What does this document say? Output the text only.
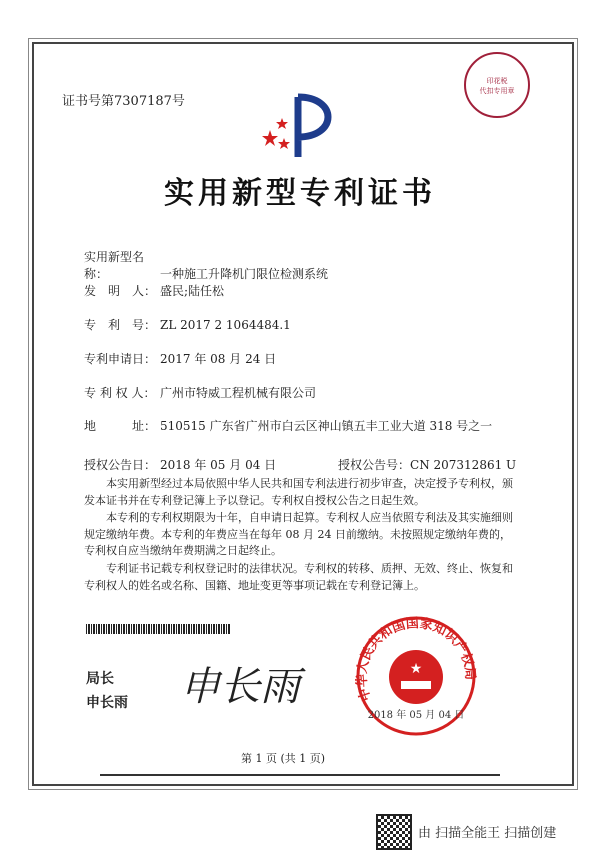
印花税
代扣专用章
证书号第7307187号
实用新型专利证书
实用新型名称：	一种施工升降机门限位检测系统
发　明　人： 盛民;陆任松
专　利　号： ZL 2017 2 1064484.1
专利申请日： 2017 年 08 月 24 日
专 利 权 人： 广州市特威工程机械有限公司
地　　　址： 510515 广东省广州市白云区神山镇五丰工业大道 318 号之一
授权公告日： 2018 年 05 月 04 日	授权公告号：CN 207312861 U
本实用新型经过本局依照中华人民共和国专利法进行初步审查，决定授予专利权，颁发本证书并在专利登记簿上予以登记。专利权自授权公告之日起生效。
本专利的专利权期限为十年，自申请日起算。专利权人应当依照专利法及其实施细则规定缴纳年费。本专利的年费应当在每年 08 月 24 日前缴纳。未按照规定缴纳年费的，专利权自应当缴纳年费期满之日起终止。
专利证书记载专利权登记时的法律状况。专利权的转移、质押、无效、终止、恢复和专利权人的姓名或名称、国籍、地址变更等事项记载在专利登记簿上。
局长
申长雨 申长雨	中华人民共和国国家知识产权局
★
2018 年 05 月 04 日
第 1 页 (共 1 页)
由 扫描全能王 扫描创建
